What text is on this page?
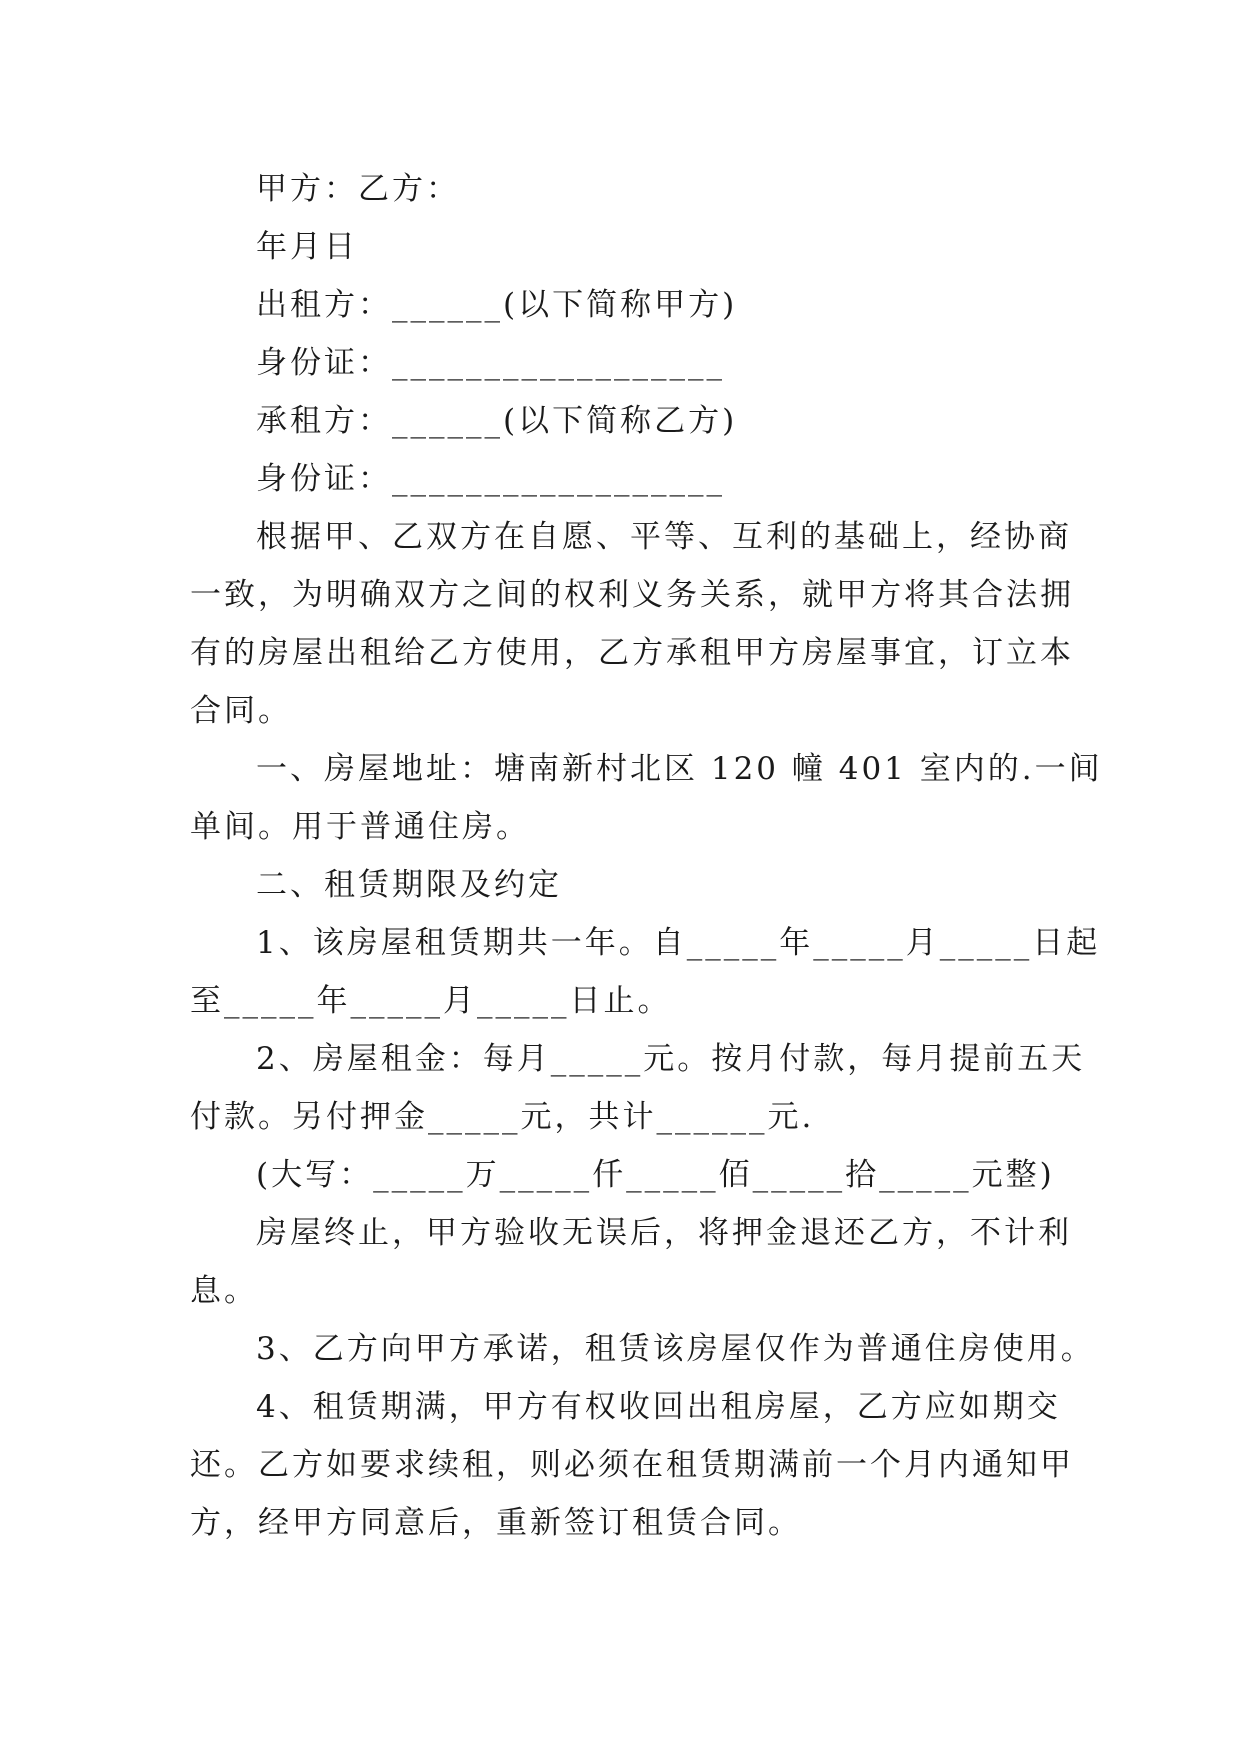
甲方：乙方：
年月日
出租方：______(以下简称甲方)
身份证：__________________
承租方：______(以下简称乙方)
身份证：__________________
根据甲、乙双方在自愿、平等、互利的基础上，经协商
一致，为明确双方之间的权利义务关系，就甲方将其合法拥
有的房屋出租给乙方使用，乙方承租甲方房屋事宜，订立本
合同。
一、房屋地址：塘南新村北区 120 幢 401 室内的.一间
单间。用于普通住房。
二、租赁期限及约定
1、该房屋租赁期共一年。自_____年_____月_____日起
至_____年_____月_____日止。
2、房屋租金：每月_____元。按月付款，每月提前五天
付款。另付押金_____元，共计______元.
(大写：_____万_____仟_____佰_____拾_____元整)
房屋终止，甲方验收无误后，将押金退还乙方，不计利
息。
3、乙方向甲方承诺，租赁该房屋仅作为普通住房使用。
4、租赁期满，甲方有权收回出租房屋，乙方应如期交
还。乙方如要求续租，则必须在租赁期满前一个月内通知甲
方，经甲方同意后，重新签订租赁合同。
